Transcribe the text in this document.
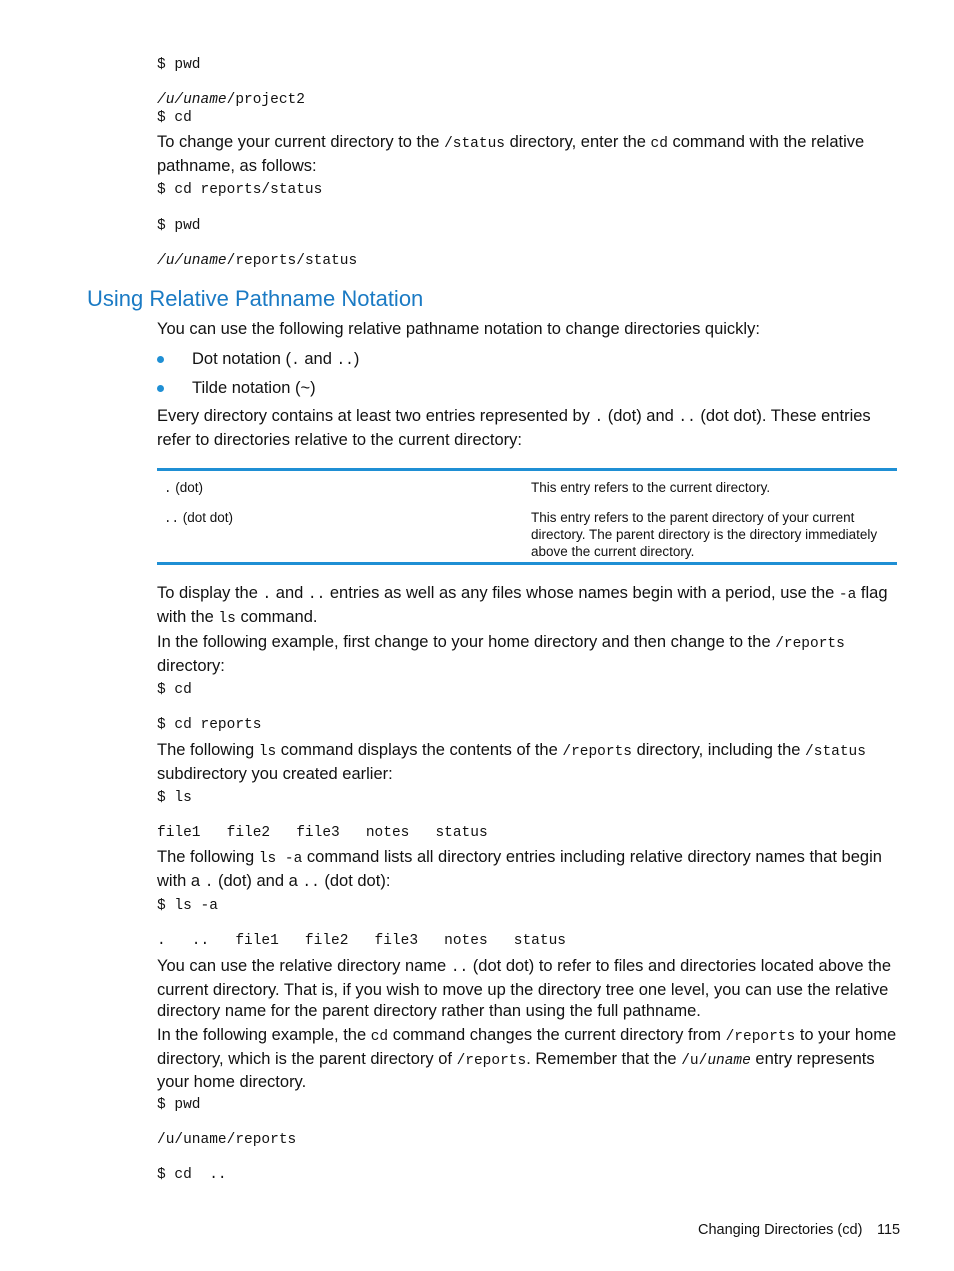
$ pwd
/u/uname/project2
$ cd

To change your current directory to the /status directory, enter the cd command with the relative pathname, as follows:

$ cd reports/status
$ pwd
/u/uname/reports/status
Using Relative Pathname Notation

You can use the following relative pathname notation to change directories quickly:

Dot notation (. and ..)
Tilde notation (~)

Every directory contains at least two entries represented by . (dot) and .. (dot dot). These entries refer to directories relative to the current directory:

. (dot)	This entry refers to the current directory.
.. (dot dot)	This entry refers to the parent directory of your current directory. The parent directory is the directory immediately above the current directory.

To display the . and .. entries as well as any files whose names begin with a period, use the -a flag with the ls command.

In the following example, first change to your home directory and then change to the /reports directory:

$ cd
$ cd reports

The following ls command displays the contents of the /reports directory, including the /status subdirectory you created earlier:

$ ls
file1   file2   file3   notes   status

The following ls -a command lists all directory entries including relative directory names that begin with a . (dot) and a .. (dot dot):

$ ls -a
.   ..   file1   file2   file3   notes   status

You can use the relative directory name .. (dot dot) to refer to files and directories located above the current directory. That is, if you wish to move up the directory tree one level, you can use the relative directory name for the parent directory rather than using the full pathname.

In the following example, the cd command changes the current directory from /reports to your home directory, which is the parent directory of /reports. Remember that the /u/uname entry represents your home directory.

$ pwd
/u/uname/reports
$ cd  ..
Changing Directories (cd) 115
